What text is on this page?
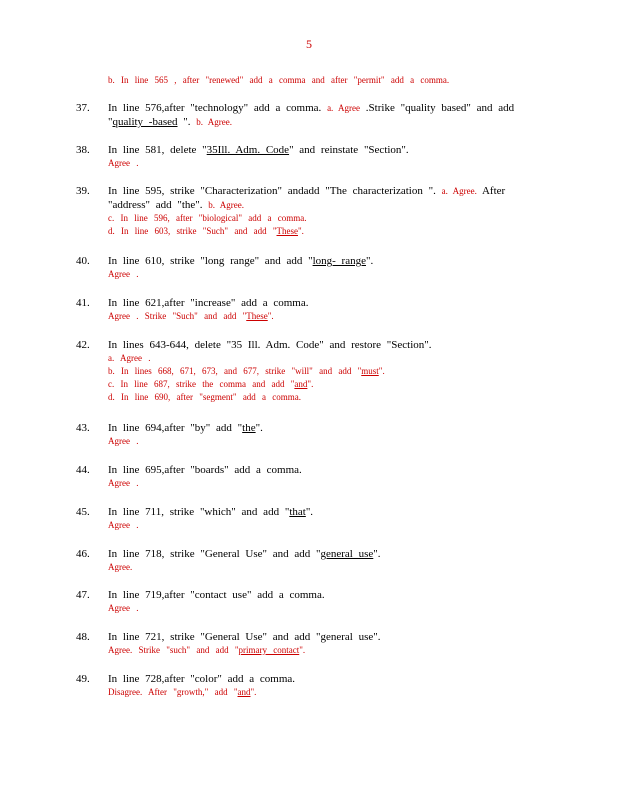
5
b. In line 565 , after "renewed" add a comma and after "permit" add a comma.
37. In line 576,after "technology" add a comma. a. Agree .Strike "quality based" and add
"quality -based ". b. Agree.
38. In line 581, delete "35Ill. Adm. Code" and reinstate "Section".
Agree .
39. In line 595, strike "Characterization" andadd "The characterization ". a. Agree. After
"address" add "the". b. Agree.
c. In line 596, after "biological" add a comma.
d. In line 603, strike "Such" and add "These".
40. In line 610, strike "long range" and add "long- range".
Agree .
41. In line 621,after "increase" add a comma.
Agree . Strike "Such" and add "These".
42. In lines 643-644, delete "35 Ill. Adm. Code" and restore "Section".
a. Agree .
b. In lines 668, 671, 673, and 677, strike "will" and add "must".
c. In line 687, strike the comma and add "and".
d. In line 690, after "segment" add a comma.
43. In line 694,after "by" add "the".
Agree .
44. In line 695,after "boards" add a comma.
Agree .
45. In line 711, strike "which" and add "that".
Agree .
46. In line 718, strike "General Use" and add "general use".
Agree.
47. In line 719,after "contact use" add a comma.
Agree .
48. In line 721, strike "General Use" and add "general use".
Agree. Strike "such" and add "primary contact".
49. In line 728,after "color" add a comma.
Disagree. After "growth," add "and".
